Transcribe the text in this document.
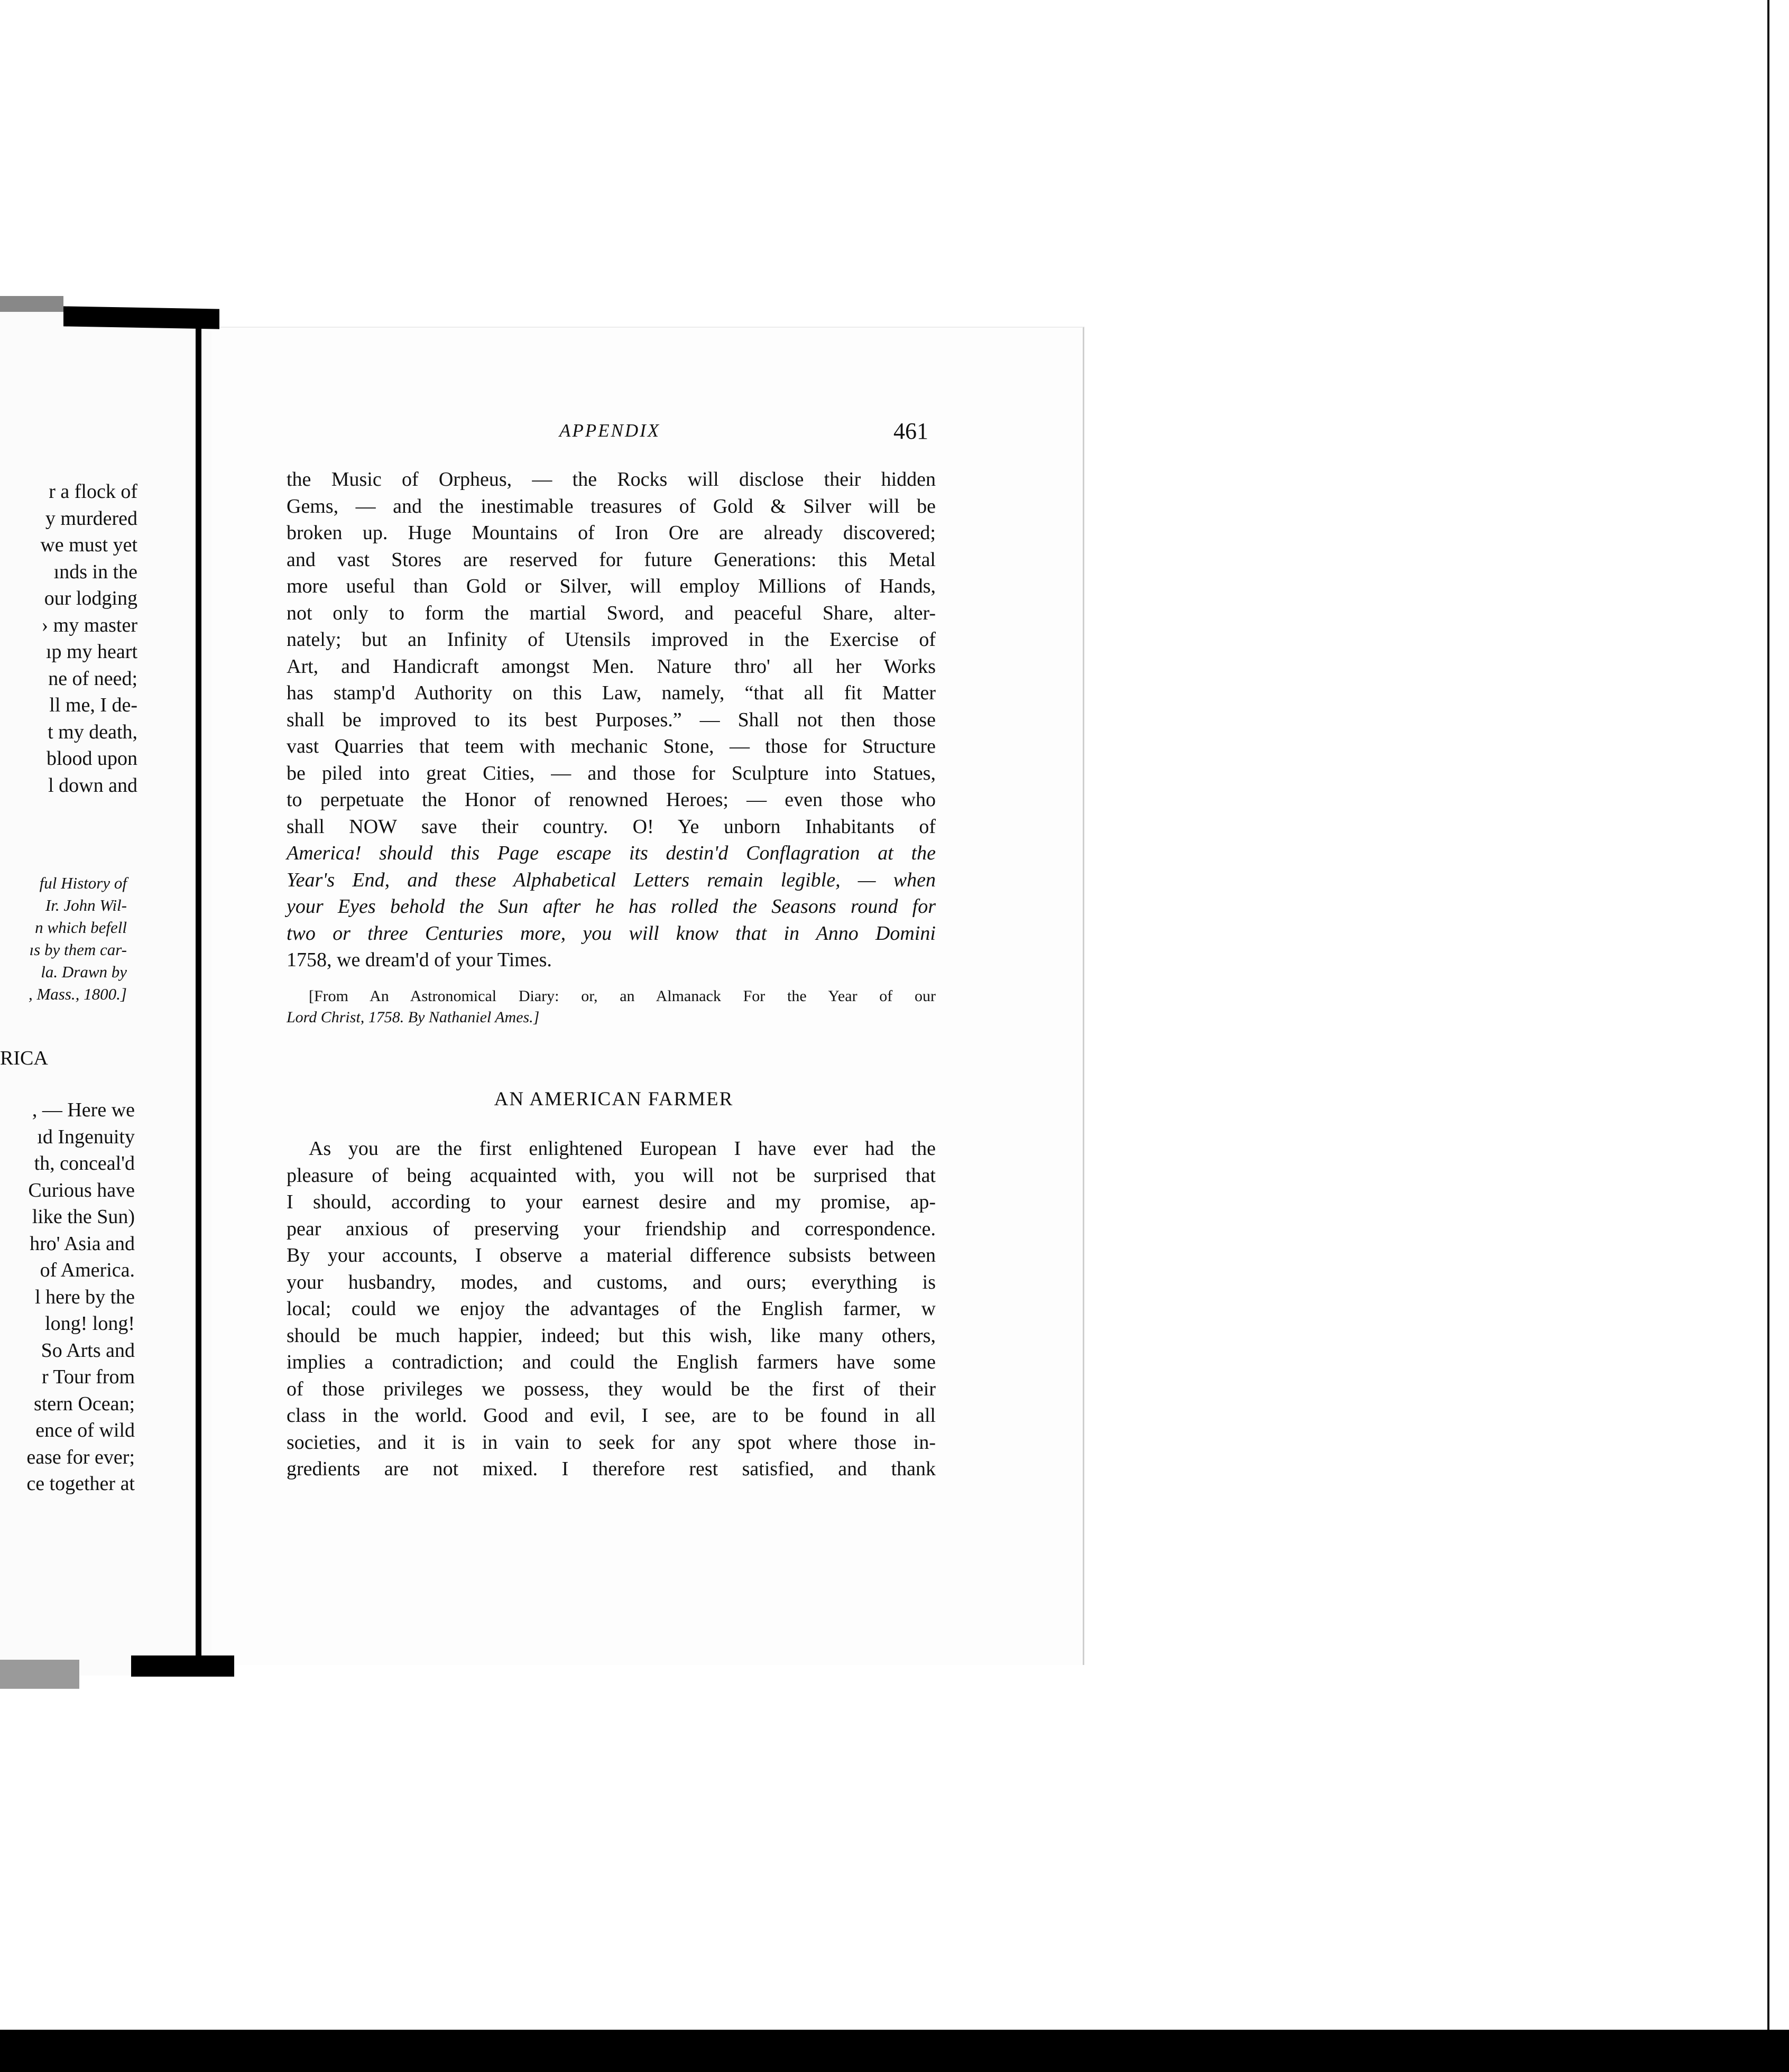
r a flock of
y murdered
we must yet
ınds in the
our lodging
› my master
ıp my heart
ne of need;
ll me, I de-
t my death,
blood upon
l down and
ful History of
Ir. John Wil-
n which befell
ıs by them car-
la. Drawn by
, Mass., 1800.]
RICA
, — Here we
ıd Ingenuity
th, conceal'd
Curious have
like the Sun)
hro' Asia and
of America.
l here by the
long! long!
So Arts and
r Tour from
stern Ocean;
ence of wild
ease for ever;
ce together at
APPENDIX	461
the Music of Orpheus, — the Rocks will disclose their hidden
Gems, — and the inestimable treasures of Gold & Silver will be
broken up. Huge Mountains of Iron Ore are already discovered;
and vast Stores are reserved for future Generations: this Metal
more useful than Gold or Silver, will employ Millions of Hands,
not only to form the martial Sword, and peaceful Share, alter-
nately; but an Infinity of Utensils improved in the Exercise of
Art, and Handicraft amongst Men. Nature thro' all her Works
has stamp'd Authority on this Law, namely, “that all fit Matter
shall be improved to its best Purposes.” — Shall not then those
vast Quarries that teem with mechanic Stone, — those for Structure
be piled into great Cities, — and those for Sculpture into Statues,
to perpetuate the Honor of renowned Heroes; — even those who
shall NOW save their country. O! Ye unborn Inhabitants of
America! should this Page escape its destin'd Conflagration at the
Year's End, and these Alphabetical Letters remain legible, — when
your Eyes behold the Sun after he has rolled the Seasons round for
two or three Centuries more, you will know that in Anno Domini
1758, we dream'd of your Times.
[From An Astronomical Diary: or, an Almanack For the Year of our
Lord Christ, 1758. By Nathaniel Ames.]
AN AMERICAN FARMER
As you are the first enlightened European I have ever had the
pleasure of being acquainted with, you will not be surprised that
I should, according to your earnest desire and my promise, ap-
pear anxious of preserving your friendship and correspondence.
By your accounts, I observe a material difference subsists between
your husbandry, modes, and customs, and ours; everything is
local; could we enjoy the advantages of the English farmer, w
should be much happier, indeed; but this wish, like many others,
implies a contradiction; and could the English farmers have some
of those privileges we possess, they would be the first of their
class in the world. Good and evil, I see, are to be found in all
societies, and it is in vain to seek for any spot where those in-
gredients are not mixed. I therefore rest satisfied, and thank
